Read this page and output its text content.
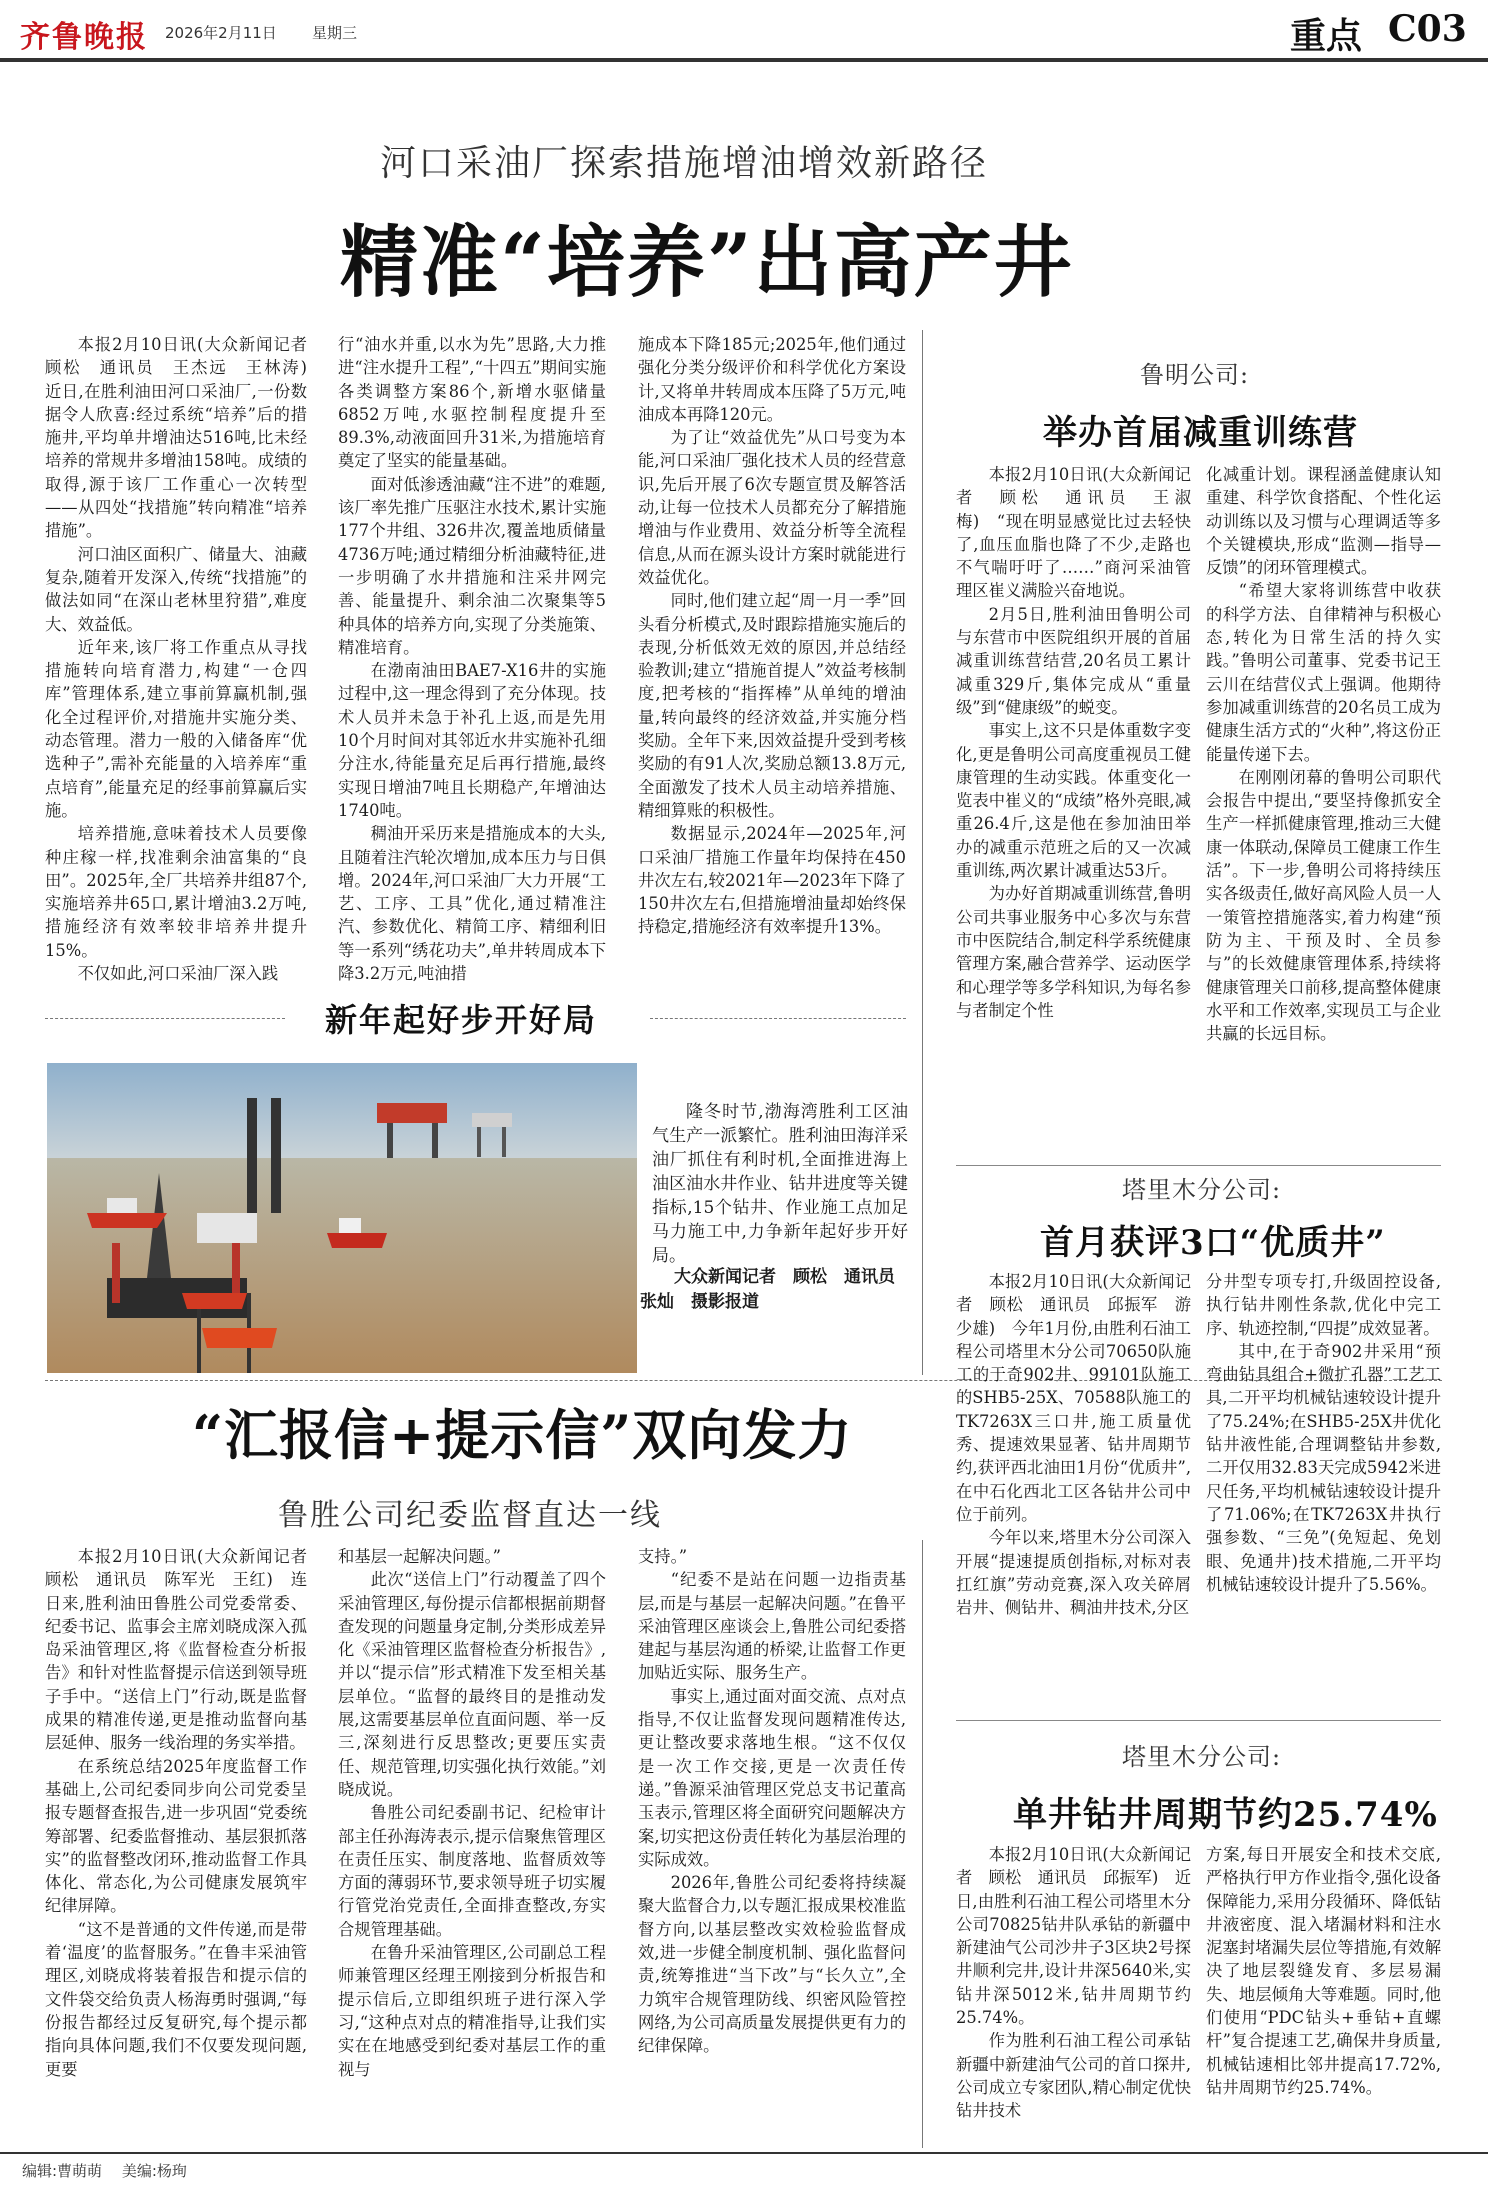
齐鲁晚报 2026年2月11日 星期三	重点 C03
河口采油厂探索措施增油增效新路径
精准“培养”出高产井

本报2月10日讯(大众新闻记者　顾松　通讯员　王杰远　王林涛)　近日,在胜利油田河口采油厂,一份数据令人欣喜:经过系统“培养”后的措施井,平均单井增油达516吨,比未经培养的常规井多增油158吨。成绩的取得,源于该厂工作重心一次转型——从四处“找措施”转向精准“培养措施”。

河口油区面积广、储量大、油藏复杂,随着开发深入,传统“找措施”的做法如同“在深山老林里狩猎”,难度大、效益低。

近年来,该厂将工作重点从寻找措施转向培育潜力,构建“一仓四库”管理体系,建立事前算赢机制,强化全过程评价,对措施井实施分类、动态管理。潜力一般的入储备库“优选种子”,需补充能量的入培养库“重点培育”,能量充足的经事前算赢后实施。

培养措施,意味着技术人员要像种庄稼一样,找准剩余油富集的“良田”。2025年,全厂共培养井组87个,实施培养井65口,累计增油3.2万吨,措施经济有效率较非培养井提升15%。

不仅如此,河口采油厂深入践

行“油水并重,以水为先”思路,大力推进“注水提升工程”,“十四五”期间实施各类调整方案86个,新增水驱储量6852万吨,水驱控制程度提升至89.3%,动液面回升31米,为措施培育奠定了坚实的能量基础。

面对低渗透油藏“注不进”的难题,该厂率先推广压驱注水技术,累计实施177个井组、326井次,覆盖地质储量4736万吨;通过精细分析油藏特征,进一步明确了水井措施和注采井网完善、能量提升、剩余油二次聚集等5种具体的培养方向,实现了分类施策、精准培育。

在渤南油田BAE7-X16井的实施过程中,这一理念得到了充分体现。技术人员并未急于补孔上返,而是先用10个月时间对其邻近水井实施补孔细分注水,待能量充足后再行措施,最终实现日增油7吨且长期稳产,年增油达1740吨。

稠油开采历来是措施成本的大头,且随着注汽轮次增加,成本压力与日俱增。2024年,河口采油厂大力开展“工艺、工序、工具”优化,通过精准注汽、参数优化、精简工序、精细利旧等一系列“绣花功夫”,单井转周成本下降3.2万元,吨油措

施成本下降185元;2025年,他们通过强化分类分级评价和科学优化方案设计,又将单井转周成本压降了5万元,吨油成本再降120元。

为了让“效益优先”从口号变为本能,河口采油厂强化技术人员的经营意识,先后开展了6次专题宣贯及解答活动,让每一位技术人员都充分了解措施增油与作业费用、效益分析等全流程信息,从而在源头设计方案时就能进行效益优化。

同时,他们建立起“周一月一季”回头看分析模式,及时跟踪措施实施后的表现,分析低效无效的原因,并总结经验教训;建立“措施首提人”效益考核制度,把考核的“指挥棒”从单纯的增油量,转向最终的经济效益,并实施分档奖励。全年下来,因效益提升受到考核奖励的有91人次,奖励总额13.8万元,全面激发了技术人员主动培养措施、精细算账的积极性。

数据显示,2024年—2025年,河口采油厂措施工作量年均保持在450井次左右,较2021年—2023年下降了150井次左右,但措施增油量却始终保持稳定,措施经济有效率提升13%。

新年起好步开好局

隆冬时节,渤海湾胜利工区油气生产一派繁忙。胜利油田海洋采油厂抓住有利时机,全面推进海上油区油水井作业、钻井进度等关键指标,15个钻井、作业施工点加足马力施工中,力争新年起好步开好局。

大众新闻记者　顾松　通讯员　张灿　摄影报道
鲁明公司:
举办首届减重训练营

本报2月10日讯(大众新闻记者　顾松　通讯员　王淑梅)　“现在明显感觉比过去轻快了,血压血脂也降了不少,走路也不气喘吁吁了……”商河采油管理区崔义满脸兴奋地说。

2月5日,胜利油田鲁明公司与东营市中医院组织开展的首届减重训练营结营,20名员工累计减重329斤,集体完成从“重量级”到“健康级”的蜕变。

事实上,这不只是体重数字变化,更是鲁明公司高度重视员工健康管理的生动实践。体重变化一览表中崔义的“成绩”格外亮眼,减重26.4斤,这是他在参加油田举办的减重示范班之后的又一次减重训练,两次累计减重达53斤。

为办好首期减重训练营,鲁明公司共事业服务中心多次与东营市中医院结合,制定科学系统健康管理方案,融合营养学、运动医学和心理学等多学科知识,为每名参与者制定个性

化减重计划。课程涵盖健康认知重建、科学饮食搭配、个性化运动训练以及习惯与心理调适等多个关键模块,形成“监测—指导—反馈”的闭环管理模式。

“希望大家将训练营中收获的科学方法、自律精神与积极心态,转化为日常生活的持久实践。”鲁明公司董事、党委书记王云川在结营仪式上强调。他期待参加减重训练营的20名员工成为健康生活方式的“火种”,将这份正能量传递下去。

在刚刚闭幕的鲁明公司职代会报告中提出,“要坚持像抓安全生产一样抓健康管理,推动三大健康一体联动,保障员工健康工作生活”。下一步,鲁明公司将持续压实各级责任,做好高风险人员一人一策管控措施落实,着力构建“预防为主、干预及时、全员参与”的长效健康管理体系,持续将健康管理关口前移,提高整体健康水平和工作效率,实现员工与企业共赢的长远目标。

塔里木分公司:
首月获评3口“优质井”

本报2月10日讯(大众新闻记者　顾松　通讯员　邱振军　游少雄)　今年1月份,由胜利石油工程公司塔里木分公司70650队施工的于奇902井、99101队施工的SHB5-25X、70588队施工的TK7263X三口井,施工质量优秀、提速效果显著、钻井周期节约,获评西北油田1月份“优质井”,在中石化西北工区各钻井公司中位于前列。

今年以来,塔里木分公司深入开展“提速提质创指标,对标对表扛红旗”劳动竞赛,深入攻关碎屑岩井、侧钻井、稠油井技术,分区

分井型专项专打,升级固控设备,执行钻井刚性条款,优化中完工序、轨迹控制,“四提”成效显著。

其中,在于奇902井采用“预弯曲钻具组合+微扩孔器”工艺工具,二开平均机械钻速较设计提升了75.24%;在SHB5-25X井优化钻井液性能,合理调整钻井参数,二开仅用32.83天完成5942米进尺任务,平均机械钻速较设计提升了71.06%;在TK7263X井执行强参数、“三免”(免短起、免划眼、免通井)技术措施,二开平均机械钻速较设计提升了5.56%。

塔里木分公司:
单井钻井周期节约25.74%

本报2月10日讯(大众新闻记者　顾松　通讯员　邱振军)　近日,由胜利石油工程公司塔里木分公司70825钻井队承钻的新疆中新建油气公司沙井子3区块2号探井顺利完井,设计井深5640米,实钻井深5012米,钻井周期节约25.74%。

作为胜利石油工程公司承钻新疆中新建油气公司的首口探井,公司成立专家团队,精心制定优快钻井技术

方案,每日开展安全和技术交底,严格执行甲方作业指令,强化设备保障能力,采用分段循环、降低钻井液密度、混入堵漏材料和注水泥塞封堵漏失层位等措施,有效解决了地层裂缝发育、多层易漏失、地层倾角大等难题。同时,他们使用“PDC钻头+垂钻+直螺杆”复合提速工艺,确保井身质量,机械钻速相比邻井提高17.72%,钻井周期节约25.74%。

“汇报信+提示信”双向发力
鲁胜公司纪委监督直达一线

本报2月10日讯(大众新闻记者　顾松　通讯员　陈军光　王红)　连日来,胜利油田鲁胜公司党委常委、纪委书记、监事会主席刘晓成深入孤岛采油管理区,将《监督检查分析报告》和针对性监督提示信送到领导班子手中。“送信上门”行动,既是监督成果的精准传递,更是推动监督向基层延伸、服务一线治理的务实举措。

在系统总结2025年度监督工作基础上,公司纪委同步向公司党委呈报专题督查报告,进一步巩固“党委统筹部署、纪委监督推动、基层狠抓落实”的监督整改闭环,推动监督工作具体化、常态化,为公司健康发展筑牢纪律屏障。

“这不是普通的文件传递,而是带着‘温度’的监督服务。”在鲁丰采油管理区,刘晓成将装着报告和提示信的文件袋交给负责人杨海勇时强调,“每份报告都经过反复研究,每个提示都指向具体问题,我们不仅要发现问题,更要

和基层一起解决问题。”

此次“送信上门”行动覆盖了四个采油管理区,每份提示信都根据前期督查发现的问题量身定制,分类形成差异化《采油管理区监督检查分析报告》,并以“提示信”形式精准下发至相关基层单位。“监督的最终目的是推动发展,这需要基层单位直面问题、举一反三,深刻进行反思整改;更要压实责任、规范管理,切实强化执行效能。”刘晓成说。

鲁胜公司纪委副书记、纪检审计部主任孙海涛表示,提示信聚焦管理区在责任压实、制度落地、监督质效等方面的薄弱环节,要求领导班子切实履行管党治党责任,全面排查整改,夯实合规管理基础。

在鲁升采油管理区,公司副总工程师兼管理区经理王刚接到分析报告和提示信后,立即组织班子进行深入学习,“这种点对点的精准指导,让我们实实在在地感受到纪委对基层工作的重视与

支持。”

“纪委不是站在问题一边指责基层,而是与基层一起解决问题。”在鲁平采油管理区座谈会上,鲁胜公司纪委搭建起与基层沟通的桥梁,让监督工作更加贴近实际、服务生产。

事实上,通过面对面交流、点对点指导,不仅让监督发现问题精准传达,更让整改要求落地生根。“这不仅仅是一次工作交接,更是一次责任传递。”鲁源采油管理区党总支书记董高玉表示,管理区将全面研究问题解决方案,切实把这份责任转化为基层治理的实际成效。

2026年,鲁胜公司纪委将持续凝聚大监督合力,以专题汇报成果校准监督方向,以基层整改实效检验监督成效,进一步健全制度机制、强化监督问责,统筹推进“当下改”与“长久立”,全力筑牢合规管理防线、织密风险管控网络,为公司高质量发展提供更有力的纪律保障。

编辑:曹萌萌　 美编:杨珣
